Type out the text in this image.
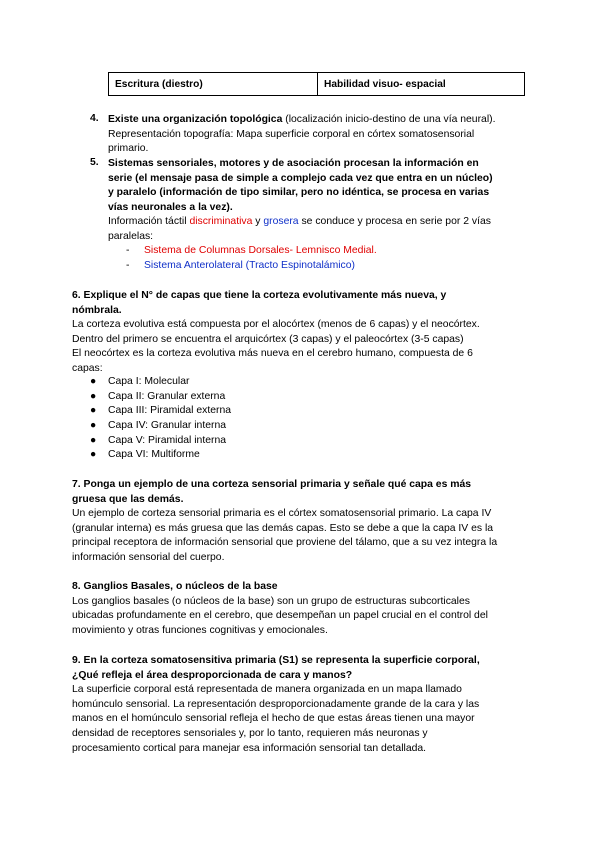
Escritura (diestro)	Habilidad visuo- espacial
4. Existe una organización topológica (localización inicio-destino de una vía neural).

Representación topografía: Mapa superficie corporal en córtex somatosensorial

primario.

5. Sistemas sensoriales, motores y de asociación procesan la información en

serie (el mensaje pasa de simple a complejo cada vez que entra en un núcleo)

y paralelo (información de tipo similar, pero no idéntica, se procesa en varias

vías neuronales a la vez).

Información táctil discriminativa y grosera se conduce y procesa en serie por 2 vías

paralelas:

- Sistema de Columnas Dorsales- Lemnisco Medial.
- Sistema Anterolateral (Tracto Espinotalámico)

6. Explique el N° de capas que tiene la corteza evolutivamente más nueva, y

nómbrala.

La corteza evolutiva está compuesta por el alocórtex (menos de 6 capas) y el neocórtex.

Dentro del primero se encuentra el arquicórtex (3 capas) y el paleocórtex (3-5 capas)

El neocórtex es la corteza evolutiva más nueva en el cerebro humano, compuesta de 6

capas:

● Capa I: Molecular
● Capa II: Granular externa
● Capa III: Piramidal externa
● Capa IV: Granular interna
● Capa V: Piramidal interna
● Capa VI: Multiforme

7. Ponga un ejemplo de una corteza sensorial primaria y señale qué capa es más

gruesa que las demás.

Un ejemplo de corteza sensorial primaria es el córtex somatosensorial primario. La capa IV

(granular interna) es más gruesa que las demás capas. Esto se debe a que la capa IV es la

principal receptora de información sensorial que proviene del tálamo, que a su vez integra la

información sensorial del cuerpo.

8. Ganglios Basales, o núcleos de la base

Los ganglios basales (o núcleos de la base) son un grupo de estructuras subcorticales

ubicadas profundamente en el cerebro, que desempeñan un papel crucial en el control del

movimiento y otras funciones cognitivas y emocionales.

9. En la corteza somatosensitiva primaria (S1) se representa la superficie corporal,

¿Qué refleja el área desproporcionada de cara y manos?

La superficie corporal está representada de manera organizada en un mapa llamado

homúnculo sensorial. La representación desproporcionadamente grande de la cara y las

manos en el homúnculo sensorial refleja el hecho de que estas áreas tienen una mayor

densidad de receptores sensoriales y, por lo tanto, requieren más neuronas y

procesamiento cortical para manejar esa información sensorial tan detallada.
